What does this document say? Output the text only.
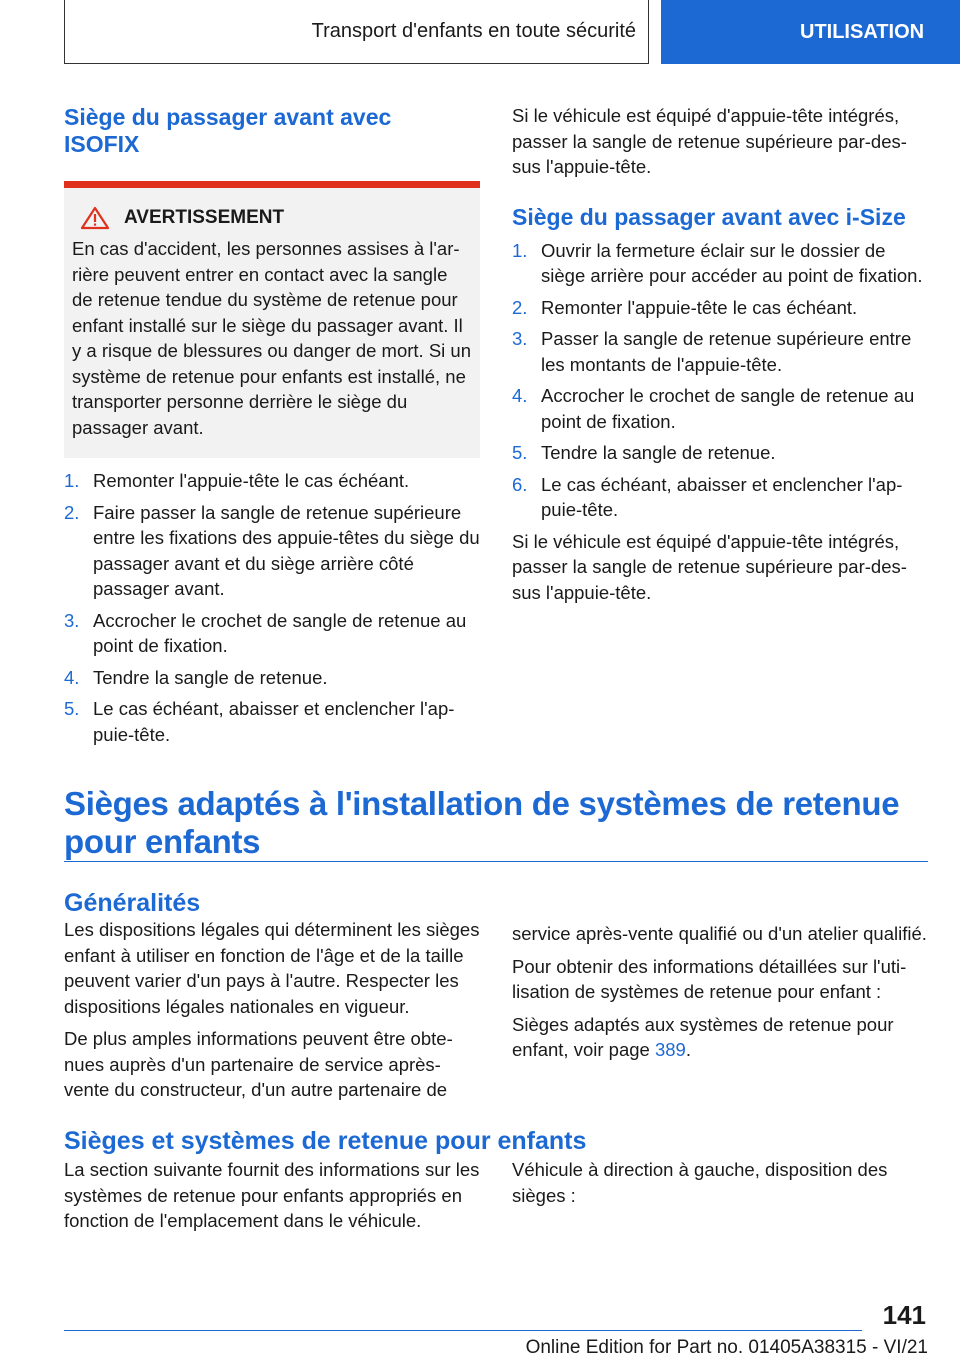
Transport d'enfants en toute sécurité	UTILISATION
Siège du passager avant avec ISOFIX
AVERTISSEMENT

En cas d'accident, les personnes assises à l'arrière peuvent entrer en contact avec la sangle de retenue tendue du système de retenue pour enfant installé sur le siège du passager avant. Il y a risque de blessures ou danger de mort. Si un système de retenue pour enfants est installé, ne transporter personne derrière le siège du passager avant.

1. Remonter l'appuie-tête le cas échéant.
2. Faire passer la sangle de retenue supérieure entre les fixations des appuie-têtes du siège du passager avant et du siège arrière côté passager avant.
3. Accrocher le crochet de sangle de retenue au point de fixation.
4. Tendre la sangle de retenue.
5. Le cas échéant, abaisser et enclencher l'appuie-tête.

Si le véhicule est équipé d'appuie-tête intégrés, passer la sangle de retenue supérieure par-dessus l'appuie-tête.

Siège du passager avant avec i-Size
1. Ouvrir la fermeture éclair sur le dossier de siège arrière pour accéder au point de fixation.
2. Remonter l'appuie-tête le cas échéant.
3. Passer la sangle de retenue supérieure entre les montants de l'appuie-tête.
4. Accrocher le crochet de sangle de retenue au point de fixation.
5. Tendre la sangle de retenue.
6. Le cas échéant, abaisser et enclencher l'appuie-tête.

Si le véhicule est équipé d'appuie-tête intégrés, passer la sangle de retenue supérieure par-dessus l'appuie-tête.

Sièges adaptés à l'installation de systèmes de retenue pour enfants
Généralités

Les dispositions légales qui déterminent les sièges enfant à utiliser en fonction de l'âge et de la taille peuvent varier d'un pays à l'autre. Respecter les dispositions légales nationales en vigueur.

De plus amples informations peuvent être obtenues auprès d'un partenaire de service après-vente du constructeur, d'un autre partenaire de

service après-vente qualifié ou d'un atelier qualifié.

Pour obtenir des informations détaillées sur l'utilisation de systèmes de retenue pour enfant :

Sièges adaptés aux systèmes de retenue pour enfant, voir page 389.

Sièges et systèmes de retenue pour enfants

La section suivante fournit des informations sur les systèmes de retenue pour enfants appropriés en fonction de l'emplacement dans le véhicule.

Véhicule à direction à gauche, disposition des sièges :

141
Online Edition for Part no. 01405A38315 - VI/21
